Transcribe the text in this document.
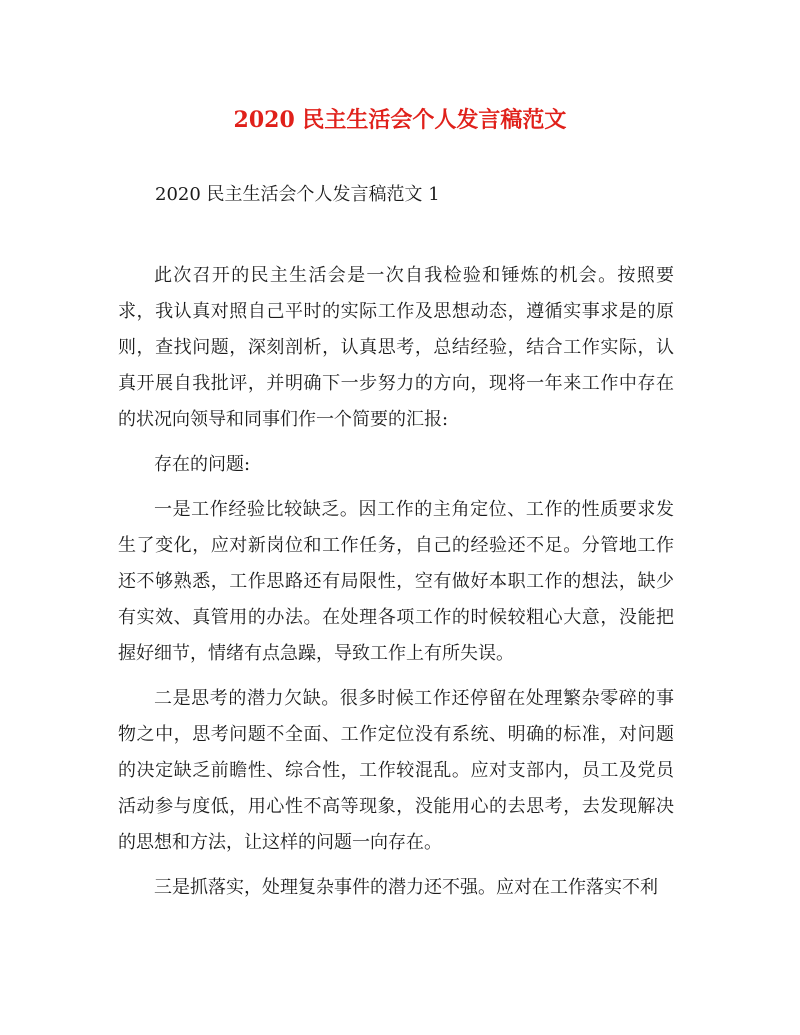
2020 民主生活会个人发言稿范文

2020 民主生活会个人发言稿范文 1

此次召开的民主生活会是一次自我检验和锤炼的机会。按照要求，我认真对照自己平时的实际工作及思想动态，遵循实事求是的原则，查找问题，深刻剖析，认真思考，总结经验，结合工作实际，认真开展自我批评，并明确下一步努力的方向，现将一年来工作中存在的状况向领导和同事们作一个简要的汇报:

存在的问题:

一是工作经验比较缺乏。因工作的主角定位、工作的性质要求发生了变化，应对新岗位和工作任务，自己的经验还不足。分管地工作还不够熟悉，工作思路还有局限性，空有做好本职工作的想法，缺少有实效、真管用的办法。在处理各项工作的时候较粗心大意，没能把握好细节，情绪有点急躁，导致工作上有所失误。

二是思考的潜力欠缺。很多时候工作还停留在处理繁杂零碎的事物之中，思考问题不全面、工作定位没有系统、明确的标准，对问题的决定缺乏前瞻性、综合性，工作较混乱。应对支部内，员工及党员活动参与度低，用心性不高等现象，没能用心的去思考，去发现解决的思想和方法，让这样的问题一向存在。

三是抓落实，处理复杂事件的潜力还不强。应对在工作落实不利
